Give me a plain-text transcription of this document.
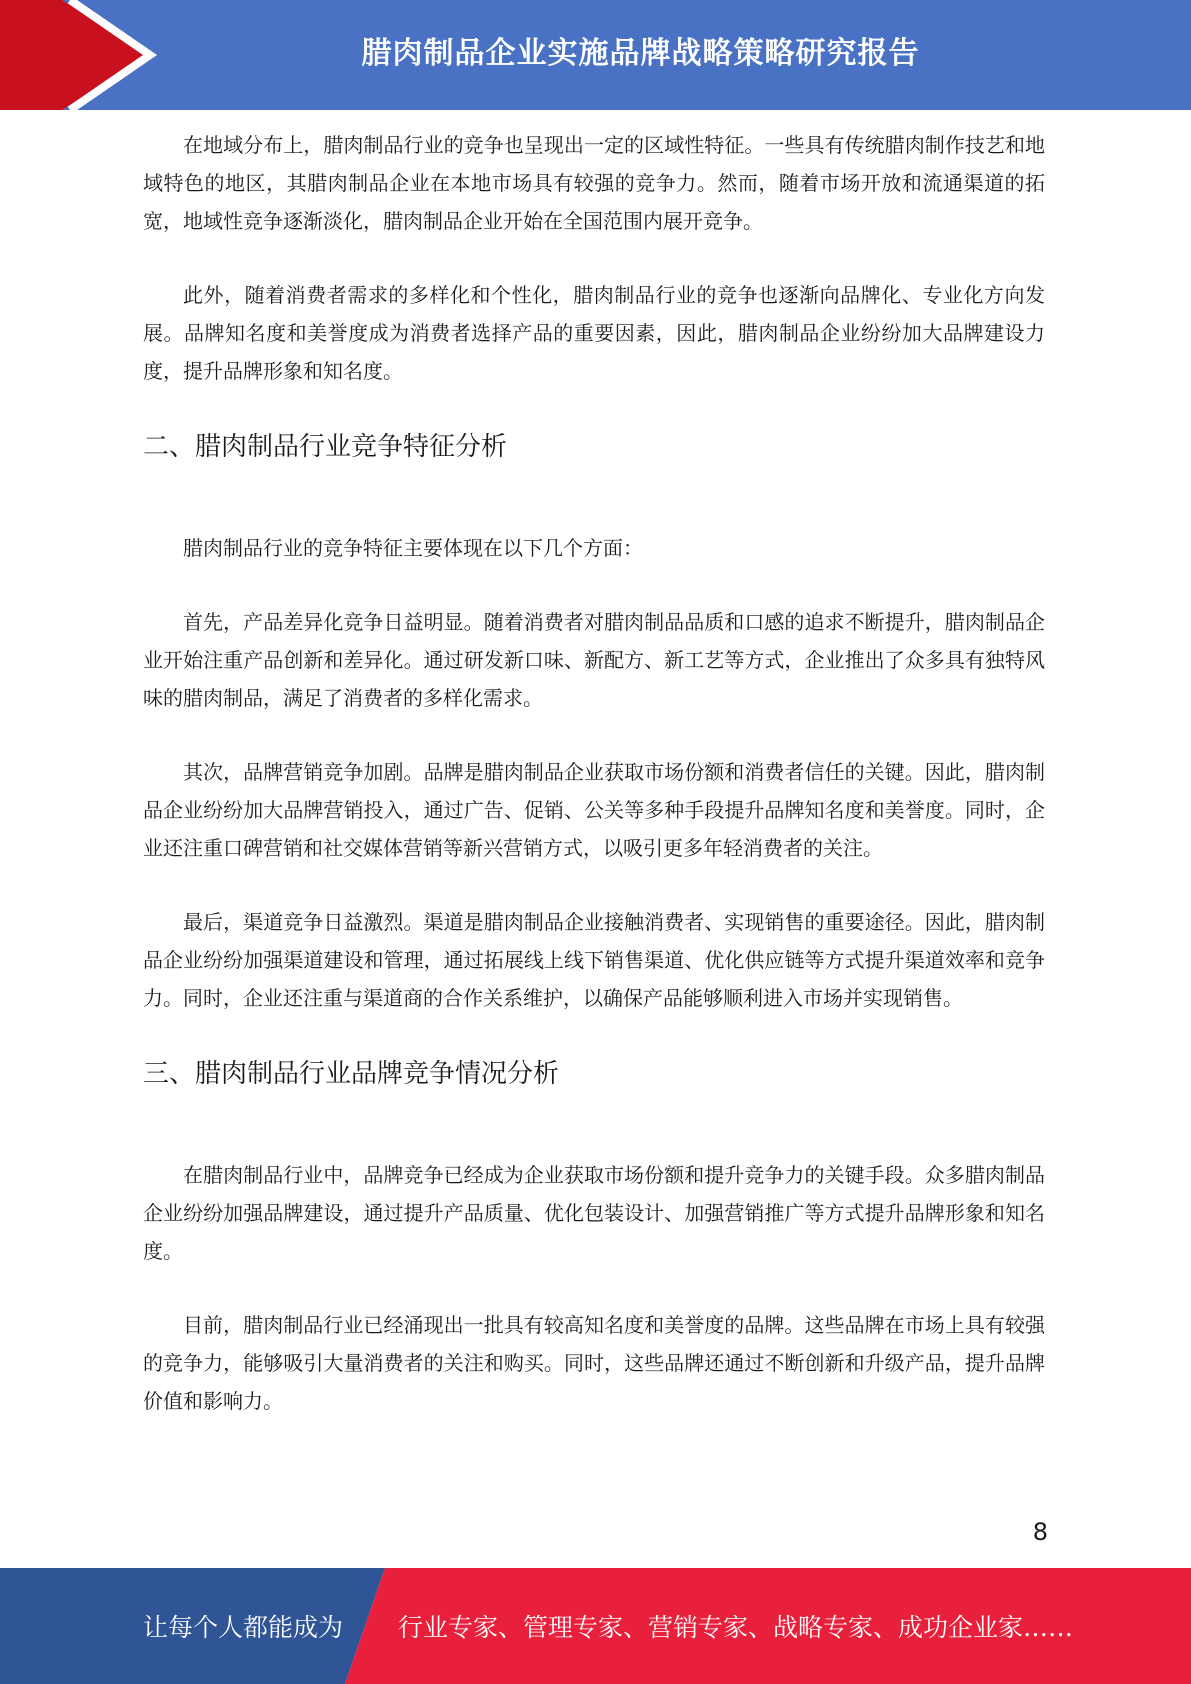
腊肉制品企业实施品牌战略策略研究报告

在地域分布上，腊肉制品行业的竞争也呈现出一定的区域性特征。一些具有传统腊肉制作技艺和地域特色的地区，其腊肉制品企业在本地市场具有较强的竞争力。然而，随着市场开放和流通渠道的拓宽，地域性竞争逐渐淡化，腊肉制品企业开始在全国范围内展开竞争。

此外，随着消费者需求的多样化和个性化，腊肉制品行业的竞争也逐渐向品牌化、专业化方向发展。品牌知名度和美誉度成为消费者选择产品的重要因素，因此，腊肉制品企业纷纷加大品牌建设力度，提升品牌形象和知名度。

二、腊肉制品行业竞争特征分析

腊肉制品行业的竞争特征主要体现在以下几个方面：

首先，产品差异化竞争日益明显。随着消费者对腊肉制品品质和口感的追求不断提升，腊肉制品企业开始注重产品创新和差异化。通过研发新口味、新配方、新工艺等方式，企业推出了众多具有独特风味的腊肉制品，满足了消费者的多样化需求。

其次，品牌营销竞争加剧。品牌是腊肉制品企业获取市场份额和消费者信任的关键。因此，腊肉制品企业纷纷加大品牌营销投入，通过广告、促销、公关等多种手段提升品牌知名度和美誉度。同时，企业还注重口碑营销和社交媒体营销等新兴营销方式，以吸引更多年轻消费者的关注。

最后，渠道竞争日益激烈。渠道是腊肉制品企业接触消费者、实现销售的重要途径。因此，腊肉制品企业纷纷加强渠道建设和管理，通过拓展线上线下销售渠道、优化供应链等方式提升渠道效率和竞争力。同时，企业还注重与渠道商的合作关系维护，以确保产品能够顺利进入市场并实现销售。

三、腊肉制品行业品牌竞争情况分析

在腊肉制品行业中，品牌竞争已经成为企业获取市场份额和提升竞争力的关键手段。众多腊肉制品企业纷纷加强品牌建设，通过提升产品质量、优化包装设计、加强营销推广等方式提升品牌形象和知名度。

目前，腊肉制品行业已经涌现出一批具有较高知名度和美誉度的品牌。这些品牌在市场上具有较强的竞争力，能够吸引大量消费者的关注和购买。同时，这些品牌还通过不断创新和升级产品，提升品牌价值和影响力。

8
让每个人都能成为 行业专家、管理专家、营销专家、战略专家、成功企业家……
